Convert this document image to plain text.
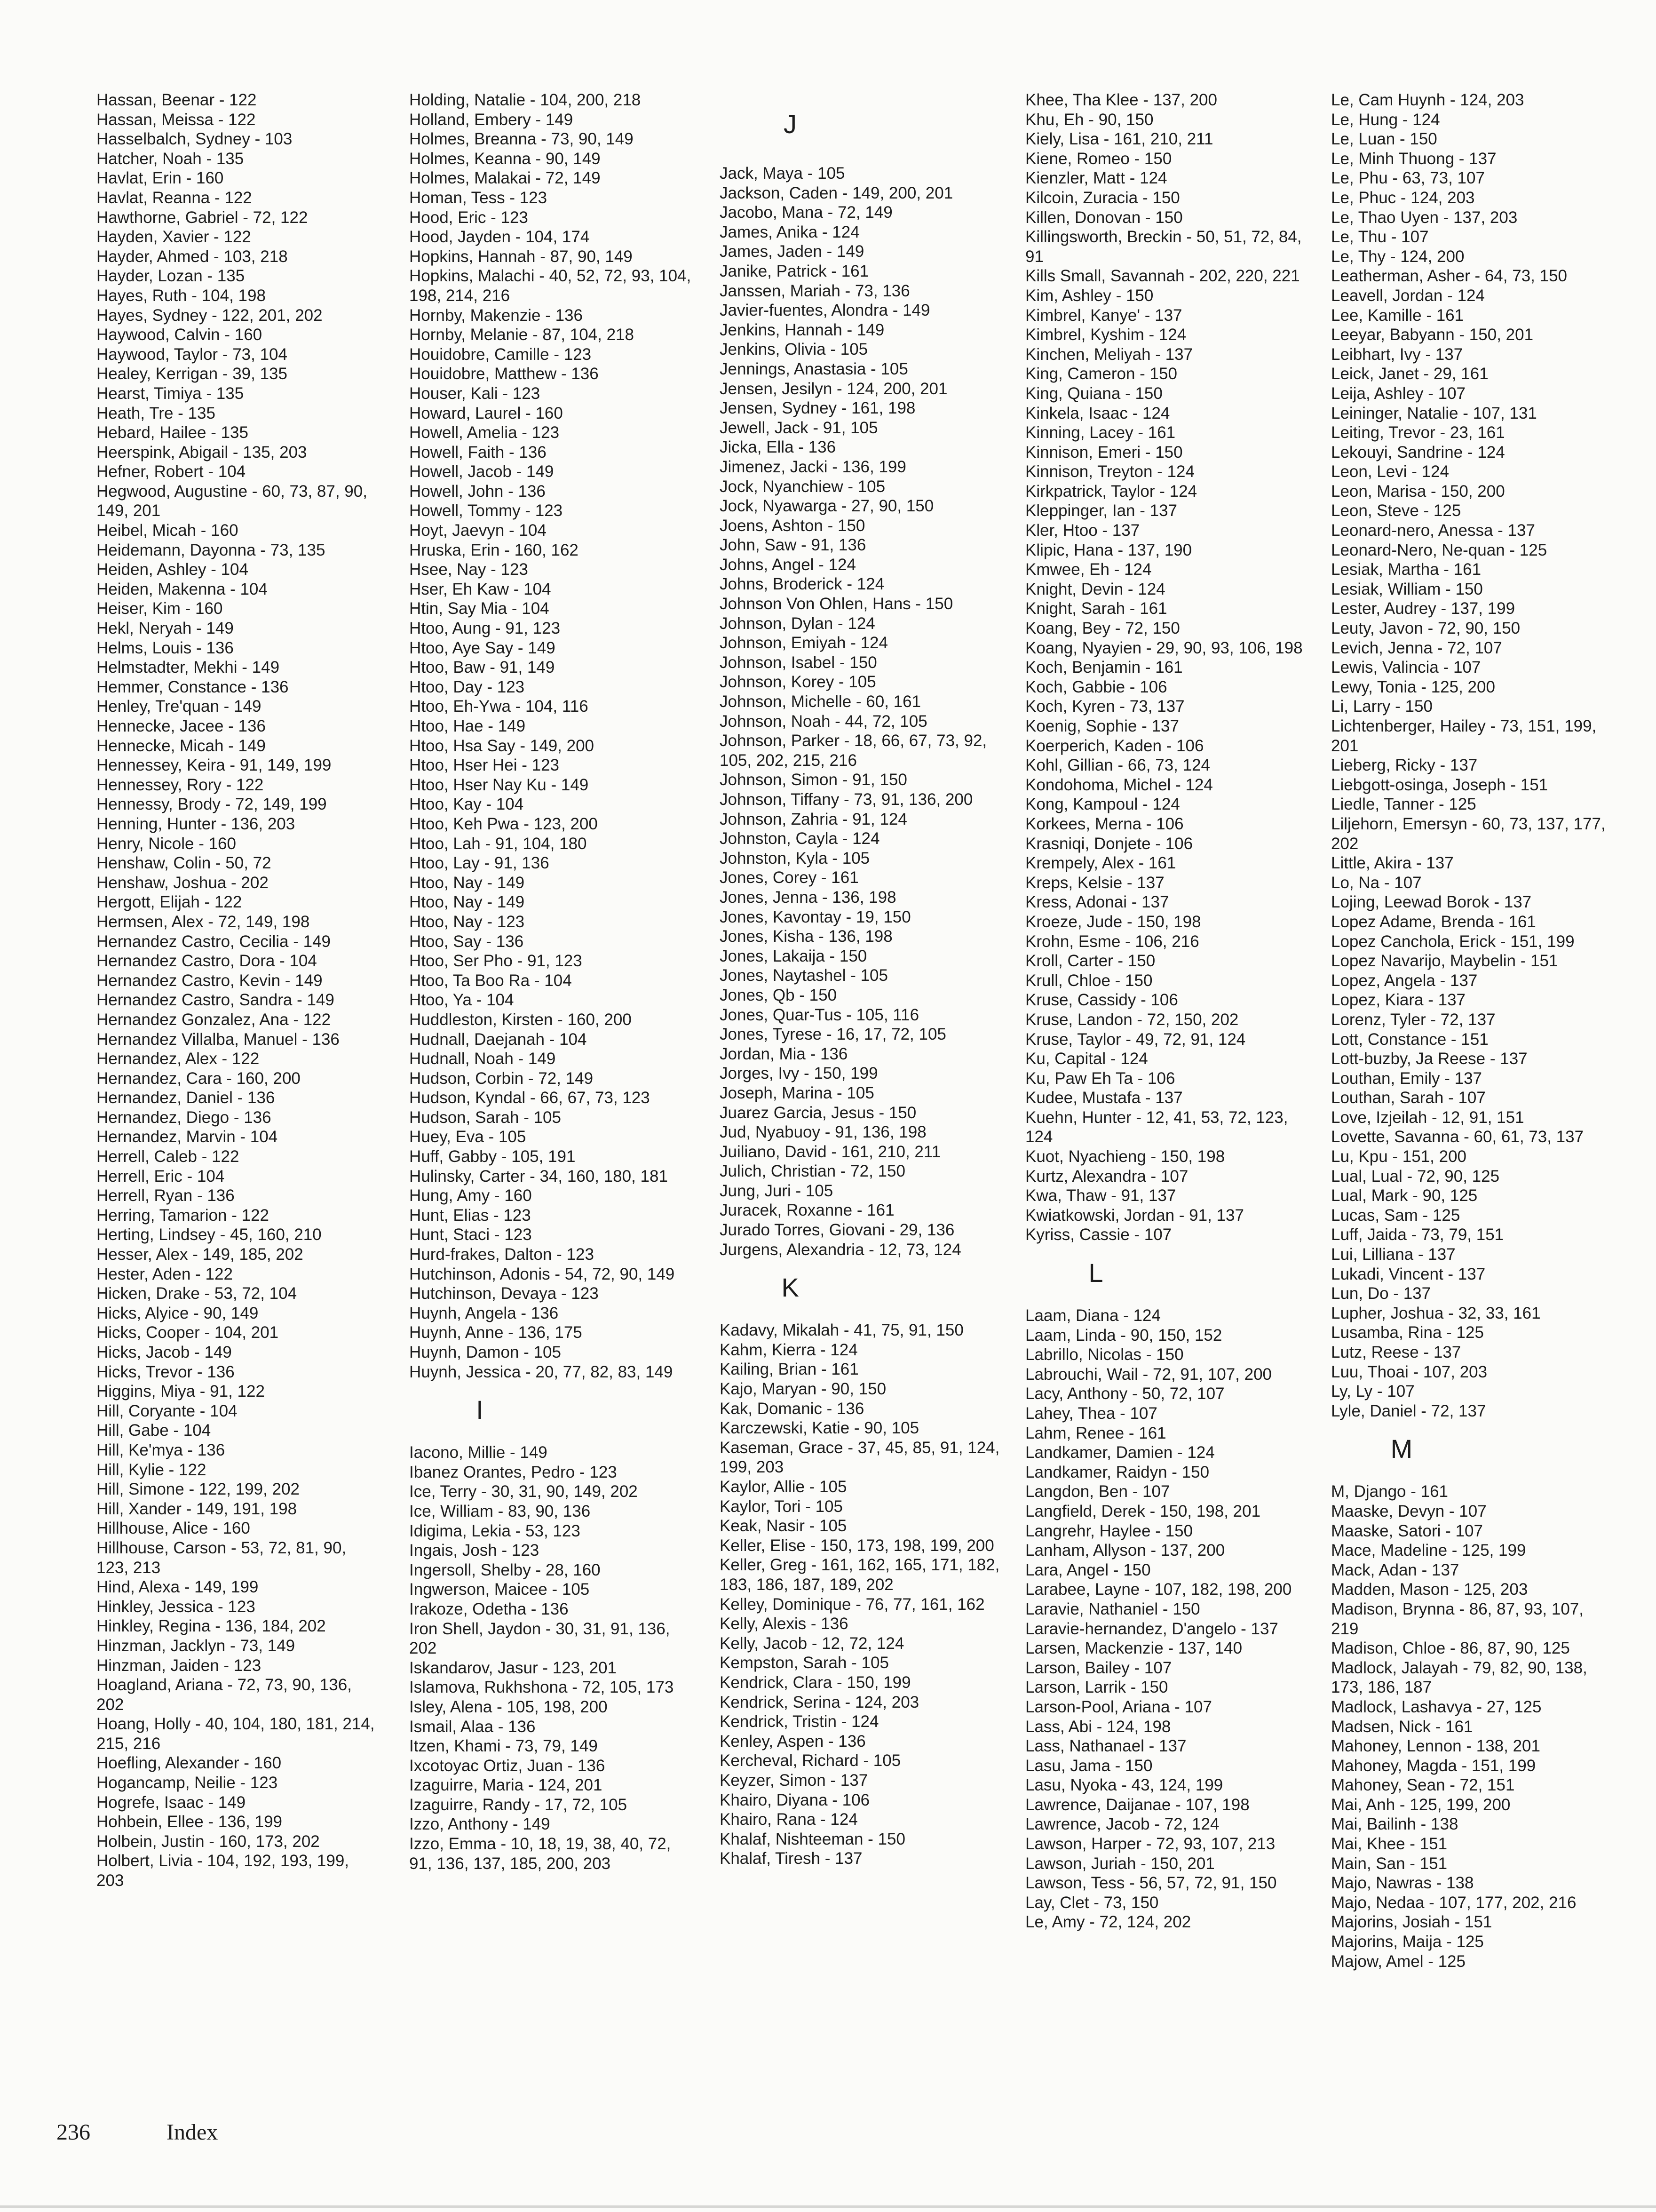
Hassan, Beenar - 122
Hassan, Meissa - 122
Hasselbalch, Sydney - 103
Hatcher, Noah - 135
Havlat, Erin - 160
Havlat, Reanna - 122
Hawthorne, Gabriel - 72, 122
Hayden, Xavier - 122
Hayder, Ahmed - 103, 218
Hayder, Lozan - 135
Hayes, Ruth - 104, 198
Hayes, Sydney - 122, 201, 202
Haywood, Calvin - 160
Haywood, Taylor - 73, 104
Healey, Kerrigan - 39, 135
Hearst, Timiya - 135
Heath, Tre - 135
Hebard, Hailee - 135
Heerspink, Abigail - 135, 203
Hefner, Robert - 104
Hegwood, Augustine - 60, 73, 87, 90, 149, 201
Heibel, Micah - 160
Heidemann, Dayonna - 73, 135
Heiden, Ashley - 104
Heiden, Makenna - 104
Heiser, Kim - 160
Hekl, Neryah - 149
Helms, Louis - 136
Helmstadter, Mekhi - 149
Hemmer, Constance - 136
Henley, Tre'quan - 149
Hennecke, Jacee - 136
Hennecke, Micah - 149
Hennessey, Keira - 91, 149, 199
Hennessey, Rory - 122
Hennessy, Brody - 72, 149, 199
Henning, Hunter - 136, 203
Henry, Nicole - 160
Henshaw, Colin - 50, 72
Henshaw, Joshua - 202
Hergott, Elijah - 122
Hermsen, Alex - 72, 149, 198
Hernandez Castro, Cecilia - 149
Hernandez Castro, Dora - 104
Hernandez Castro, Kevin - 149
Hernandez Castro, Sandra - 149
Hernandez Gonzalez, Ana - 122
Hernandez Villalba, Manuel - 136
Hernandez, Alex - 122
Hernandez, Cara - 160, 200
Hernandez, Daniel - 136
Hernandez, Diego - 136
Hernandez, Marvin - 104
Herrell, Caleb - 122
Herrell, Eric - 104
Herrell, Ryan - 136
Herring, Tamarion - 122
Herting, Lindsey - 45, 160, 210
Hesser, Alex - 149, 185, 202
Hester, Aden - 122
Hicken, Drake - 53, 72, 104
Hicks, Alyice - 90, 149
Hicks, Cooper - 104, 201
Hicks, Jacob - 149
Hicks, Trevor - 136
Higgins, Miya - 91, 122
Hill, Coryante - 104
Hill, Gabe - 104
Hill, Ke'mya - 136
Hill, Kylie - 122
Hill, Simone - 122, 199, 202
Hill, Xander - 149, 191, 198
Hillhouse, Alice - 160
Hillhouse, Carson - 53, 72, 81, 90, 123, 213
Hind, Alexa - 149, 199
Hinkley, Jessica - 123
Hinkley, Regina - 136, 184, 202
Hinzman, Jacklyn - 73, 149
Hinzman, Jaiden - 123
Hoagland, Ariana - 72, 73, 90, 136, 202
Hoang, Holly - 40, 104, 180, 181, 214, 215, 216
Hoefling, Alexander - 160
Hogancamp, Neilie - 123
Hogrefe, Isaac - 149
Hohbein, Ellee - 136, 199
Holbein, Justin - 160, 173, 202
Holbert, Livia - 104, 192, 193, 199, 203
Holding, Natalie - 104, 200, 218
Holland, Embery - 149
Holmes, Breanna - 73, 90, 149
Holmes, Keanna - 90, 149
Holmes, Malakai - 72, 149
Homan, Tess - 123
Hood, Eric - 123
Hood, Jayden - 104, 174
Hopkins, Hannah - 87, 90, 149
Hopkins, Malachi - 40, 52, 72, 93, 104, 198, 214, 216
Hornby, Makenzie - 136
Hornby, Melanie - 87, 104, 218
Houidobre, Camille - 123
Houidobre, Matthew - 136
Houser, Kali - 123
Howard, Laurel - 160
Howell, Amelia - 123
Howell, Faith - 136
Howell, Jacob - 149
Howell, John - 136
Howell, Tommy - 123
Hoyt, Jaevyn - 104
Hruska, Erin - 160, 162
Hsee, Nay - 123
Hser, Eh Kaw - 104
Htin, Say Mia - 104
Htoo, Aung - 91, 123
Htoo, Aye Say - 149
Htoo, Baw - 91, 149
Htoo, Day - 123
Htoo, Eh-Ywa - 104, 116
Htoo, Hae - 149
Htoo, Hsa Say - 149, 200
Htoo, Hser Hei - 123
Htoo, Hser Nay Ku - 149
Htoo, Kay - 104
Htoo, Keh Pwa - 123, 200
Htoo, Lah - 91, 104, 180
Htoo, Lay - 91, 136
Htoo, Nay - 149
Htoo, Nay - 149
Htoo, Nay - 123
Htoo, Say - 136
Htoo, Ser Pho - 91, 123
Htoo, Ta Boo Ra - 104
Htoo, Ya - 104
Huddleston, Kirsten - 160, 200
Hudnall, Daejanah - 104
Hudnall, Noah - 149
Hudson, Corbin - 72, 149
Hudson, Kyndal - 66, 67, 73, 123
Hudson, Sarah - 105
Huey, Eva - 105
Huff, Gabby - 105, 191
Hulinsky, Carter - 34, 160, 180, 181
Hung, Amy - 160
Hunt, Elias - 123
Hunt, Staci - 123
Hurd-frakes, Dalton - 123
Hutchinson, Adonis - 54, 72, 90, 149
Hutchinson, Devaya - 123
Huynh, Angela - 136
Huynh, Anne - 136, 175
Huynh, Damon - 105
Huynh, Jessica - 20, 77, 82, 83, 149
I
Iacono, Millie - 149
Ibanez Orantes, Pedro - 123
Ice, Terry - 30, 31, 90, 149, 202
Ice, William - 83, 90, 136
Idigima, Lekia - 53, 123
Ingais, Josh - 123
Ingersoll, Shelby - 28, 160
Ingwerson, Maicee - 105
Irakoze, Odetha - 136
Iron Shell, Jaydon - 30, 31, 91, 136, 202
Iskandarov, Jasur - 123, 201
Islamova, Rukhshona - 72, 105, 173
Isley, Alena - 105, 198, 200
Ismail, Alaa - 136
Itzen, Khami - 73, 79, 149
Ixcotoyac Ortiz, Juan - 136
Izaguirre, Maria - 124, 201
Izaguirre, Randy - 17, 72, 105
Izzo, Anthony - 149
Izzo, Emma - 10, 18, 19, 38, 40, 72, 91, 136, 137, 185, 200, 203
J
Jack, Maya - 105
Jackson, Caden - 149, 200, 201
Jacobo, Mana - 72, 149
James, Anika - 124
James, Jaden - 149
Janike, Patrick - 161
Janssen, Mariah - 73, 136
Javier-fuentes, Alondra - 149
Jenkins, Hannah - 149
Jenkins, Olivia - 105
Jennings, Anastasia - 105
Jensen, Jesilyn - 124, 200, 201
Jensen, Sydney - 161, 198
Jewell, Jack - 91, 105
Jicka, Ella - 136
Jimenez, Jacki - 136, 199
Jock, Nyanchiew - 105
Jock, Nyawarga - 27, 90, 150
Joens, Ashton - 150
John, Saw - 91, 136
Johns, Angel - 124
Johns, Broderick - 124
Johnson Von Ohlen, Hans - 150
Johnson, Dylan - 124
Johnson, Emiyah - 124
Johnson, Isabel - 150
Johnson, Korey - 105
Johnson, Michelle - 60, 161
Johnson, Noah - 44, 72, 105
Johnson, Parker - 18, 66, 67, 73, 92, 105, 202, 215, 216
Johnson, Simon - 91, 150
Johnson, Tiffany - 73, 91, 136, 200
Johnson, Zahria - 91, 124
Johnston, Cayla - 124
Johnston, Kyla - 105
Jones, Corey - 161
Jones, Jenna - 136, 198
Jones, Kavontay - 19, 150
Jones, Kisha - 136, 198
Jones, Lakaija - 150
Jones, Naytashel - 105
Jones, Qb - 150
Jones, Quar-Tus - 105, 116
Jones, Tyrese - 16, 17, 72, 105
Jordan, Mia - 136
Jorges, Ivy - 150, 199
Joseph, Marina - 105
Juarez Garcia, Jesus - 150
Jud, Nyabuoy - 91, 136, 198
Juiliano, David - 161, 210, 211
Julich, Christian - 72, 150
Jung, Juri - 105
Juracek, Roxanne - 161
Jurado Torres, Giovani - 29, 136
Jurgens, Alexandria - 12, 73, 124
K
Kadavy, Mikalah - 41, 75, 91, 150
Kahm, Kierra - 124
Kailing, Brian - 161
Kajo, Maryan - 90, 150
Kak, Domanic - 136
Karczewski, Katie - 90, 105
Kaseman, Grace - 37, 45, 85, 91, 124, 199, 203
Kaylor, Allie - 105
Kaylor, Tori - 105
Keak, Nasir - 105
Keller, Elise - 150, 173, 198, 199, 200
Keller, Greg - 161, 162, 165, 171, 182, 183, 186, 187, 189, 202
Kelley, Dominique - 76, 77, 161, 162
Kelly, Alexis - 136
Kelly, Jacob - 12, 72, 124
Kempston, Sarah - 105
Kendrick, Clara - 150, 199
Kendrick, Serina - 124, 203
Kendrick, Tristin - 124
Kenley, Aspen - 136
Kercheval, Richard - 105
Keyzer, Simon - 137
Khairo, Diyana - 106
Khairo, Rana - 124
Khalaf, Nishteeman - 150
Khalaf, Tiresh - 137
Khee, Tha Klee - 137, 200
Khu, Eh - 90, 150
Kiely, Lisa - 161, 210, 211
Kiene, Romeo - 150
Kienzler, Matt - 124
Kilcoin, Zuracia - 150
Killen, Donovan - 150
Killingsworth, Breckin - 50, 51, 72, 84, 91
Kills Small, Savannah - 202, 220, 221
Kim, Ashley - 150
Kimbrel, Kanye' - 137
Kimbrel, Kyshim - 124
Kinchen, Meliyah - 137
King, Cameron - 150
King, Quiana - 150
Kinkela, Isaac - 124
Kinning, Lacey - 161
Kinnison, Emeri - 150
Kinnison, Treyton - 124
Kirkpatrick, Taylor - 124
Kleppinger, Ian - 137
Kler, Htoo - 137
Klipic, Hana - 137, 190
Kmwee, Eh - 124
Knight, Devin - 124
Knight, Sarah - 161
Koang, Bey - 72, 150
Koang, Nyayien - 29, 90, 93, 106, 198
Koch, Benjamin - 161
Koch, Gabbie - 106
Koch, Kyren - 73, 137
Koenig, Sophie - 137
Koerperich, Kaden - 106
Kohl, Gillian - 66, 73, 124
Kondohoma, Michel - 124
Kong, Kampoul - 124
Korkees, Merna - 106
Krasniqi, Donjete - 106
Krempely, Alex - 161
Kreps, Kelsie - 137
Kress, Adonai - 137
Kroeze, Jude - 150, 198
Krohn, Esme - 106, 216
Kroll, Carter - 150
Krull, Chloe - 150
Kruse, Cassidy - 106
Kruse, Landon - 72, 150, 202
Kruse, Taylor - 49, 72, 91, 124
Ku, Capital - 124
Ku, Paw Eh Ta - 106
Kudee, Mustafa - 137
Kuehn, Hunter - 12, 41, 53, 72, 123, 124
Kuot, Nyachieng - 150, 198
Kurtz, Alexandra - 107
Kwa, Thaw - 91, 137
Kwiatkowski, Jordan - 91, 137
Kyriss, Cassie - 107
L
Laam, Diana - 124
Laam, Linda - 90, 150, 152
Labrillo, Nicolas - 150
Labrouchi, Wail - 72, 91, 107, 200
Lacy, Anthony - 50, 72, 107
Lahey, Thea - 107
Lahm, Renee - 161
Landkamer, Damien - 124
Landkamer, Raidyn - 150
Langdon, Ben - 107
Langfield, Derek - 150, 198, 201
Langrehr, Haylee - 150
Lanham, Allyson - 137, 200
Lara, Angel - 150
Larabee, Layne - 107, 182, 198, 200
Laravie, Nathaniel - 150
Laravie-hernandez, D'angelo - 137
Larsen, Mackenzie - 137, 140
Larson, Bailey - 107
Larson, Larrik - 150
Larson-Pool, Ariana - 107
Lass, Abi - 124, 198
Lass, Nathanael - 137
Lasu, Jama - 150
Lasu, Nyoka - 43, 124, 199
Lawrence, Daijanae - 107, 198
Lawrence, Jacob - 72, 124
Lawson, Harper - 72, 93, 107, 213
Lawson, Juriah - 150, 201
Lawson, Tess - 56, 57, 72, 91, 150
Lay, Clet - 73, 150
Le, Amy - 72, 124, 202
Le, Cam Huynh - 124, 203
Le, Hung - 124
Le, Luan - 150
Le, Minh Thuong - 137
Le, Phu - 63, 73, 107
Le, Phuc - 124, 203
Le, Thao Uyen - 137, 203
Le, Thu - 107
Le, Thy - 124, 200
Leatherman, Asher - 64, 73, 150
Leavell, Jordan - 124
Lee, Kamille - 161
Leeyar, Babyann - 150, 201
Leibhart, Ivy - 137
Leick, Janet - 29, 161
Leija, Ashley - 107
Leininger, Natalie - 107, 131
Leiting, Trevor - 23, 161
Lekouyi, Sandrine - 124
Leon, Levi - 124
Leon, Marisa - 150, 200
Leon, Steve - 125
Leonard-nero, Anessa - 137
Leonard-Nero, Ne-quan - 125
Lesiak, Martha - 161
Lesiak, William - 150
Lester, Audrey - 137, 199
Leuty, Javon - 72, 90, 150
Levich, Jenna - 72, 107
Lewis, Valincia - 107
Lewy, Tonia - 125, 200
Li, Larry - 150
Lichtenberger, Hailey - 73, 151, 199, 201
Lieberg, Ricky - 137
Liebgott-osinga, Joseph - 151
Liedle, Tanner - 125
Liljehorn, Emersyn - 60, 73, 137, 177, 202
Little, Akira - 137
Lo, Na - 107
Lojing, Leewad Borok - 137
Lopez Adame, Brenda - 161
Lopez Canchola, Erick - 151, 199
Lopez Navarijo, Maybelin - 151
Lopez, Angela - 137
Lopez, Kiara - 137
Lorenz, Tyler - 72, 137
Lott, Constance - 151
Lott-buzby, Ja Reese - 137
Louthan, Emily - 137
Louthan, Sarah - 107
Love, Izjeilah - 12, 91, 151
Lovette, Savanna - 60, 61, 73, 137
Lu, Kpu - 151, 200
Lual, Lual - 72, 90, 125
Lual, Mark - 90, 125
Lucas, Sam - 125
Luff, Jaida - 73, 79, 151
Lui, Lilliana - 137
Lukadi, Vincent - 137
Lun, Do - 137
Lupher, Joshua - 32, 33, 161
Lusamba, Rina - 125
Lutz, Reese - 137
Luu, Thoai - 107, 203
Ly, Ly - 107
Lyle, Daniel - 72, 137
M
M, Django - 161
Maaske, Devyn - 107
Maaske, Satori - 107
Mace, Madeline - 125, 199
Mack, Adan - 137
Madden, Mason - 125, 203
Madison, Brynna - 86, 87, 93, 107, 219
Madison, Chloe - 86, 87, 90, 125
Madlock, Jalayah - 79, 82, 90, 138, 173, 186, 187
Madlock, Lashavya - 27, 125
Madsen, Nick - 161
Mahoney, Lennon - 138, 201
Mahoney, Magda - 151, 199
Mahoney, Sean - 72, 151
Mai, Anh - 125, 199, 200
Mai, Bailinh - 138
Mai, Khee - 151
Main, San - 151
Majo, Nawras - 138
Majo, Nedaa - 107, 177, 202, 216
Majorins, Josiah - 151
Majorins, Maija - 125
Majow, Amel - 125
236	Index
